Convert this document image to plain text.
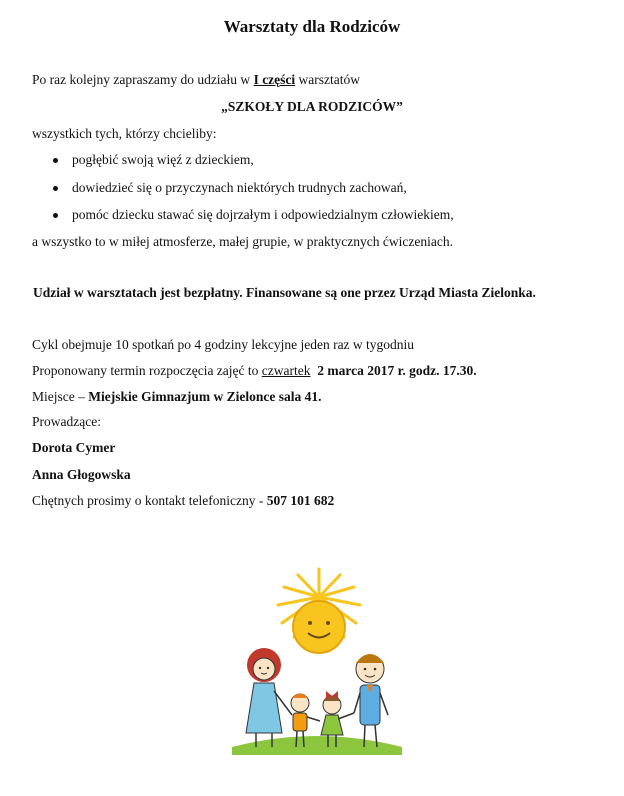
Warsztaty dla Rodziców
Po raz kolejny zapraszamy do udziału w I części warsztatów
„SZKOŁY DLA RODZICÓW”
wszystkich tych, którzy chcieliby:
pogłębić swoją więź z dzieckiem,
dowiedzieć się o przyczynach niektórych trudnych zachowań,
pomóc dziecku stawać się dojrzałym i odpowiedzialnym człowiekiem,
a wszystko to w miłej atmosferze, małej grupie, w praktycznych ćwiczeniach.
Udział w warsztatach jest bezpłatny. Finansowane są one przez Urząd Miasta Zielonka.
Cykl obejmuje 10 spotkań po 4 godziny lekcyjne jeden raz w tygodniu
Proponowany termin rozpoczęcia zajęć to czwartek  2 marca 2017 r. godz. 17.30.
Miejsce – Miejskie Gimnazjum w Zielonce sala 41.
Prowadzące:
Dorota Cymer
Anna Głogowska
Chętnych prosimy o kontakt telefoniczny - 507 101 682
